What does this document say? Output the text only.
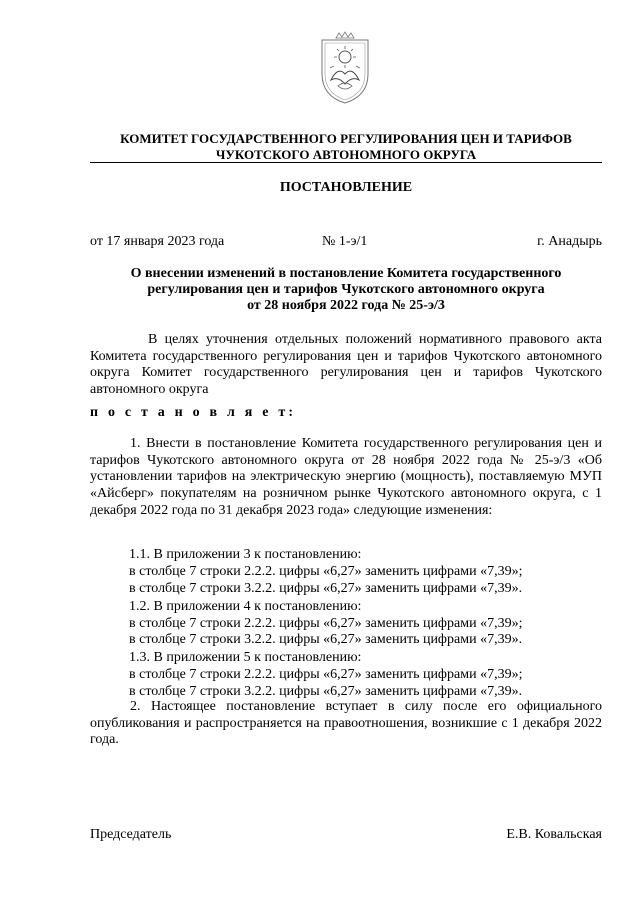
КОМИТЕТ ГОСУДАРСТВЕННОГО РЕГУЛИРОВАНИЯ ЦЕН И ТАРИФОВ
ЧУКОТСКОГО АВТОНОМНОГО ОКРУГА

ПОСТАНОВЛЕНИЕ

от 17 января 2023 года	№ 1-э/1	г. Анадырь

О внесении изменений в постановление Комитета государственного
регулирования цен и тарифов Чукотского автономного округа
от 28 ноября 2022 года № 25-э/3

В целях уточнения отдельных положений нормативного правового акта Комитета государственного регулирования цен и тарифов Чукотского автономного округа Комитет государственного регулирования цен и тарифов Чукотского автономного округа

п о с т а н о в л я е т:

1. Внести в постановление Комитета государственного регулирования цен и тарифов Чукотского автономного округа от 28 ноября 2022 года № 25-э/3 «Об установлении тарифов на электрическую энергию (мощность), поставляемую МУП «Айсберг» покупателям на розничном рынке Чукотского автономного округа, с 1 декабря 2022 года по 31 декабря 2023 года» следующие изменения:

1.1. В приложении 3 к постановлению:

в столбце 7 строки 2.2.2. цифры «6,27» заменить цифрами «7,39»;

в столбце 7 строки 3.2.2. цифры «6,27» заменить цифрами «7,39».

1.2. В приложении 4 к постановлению:

в столбце 7 строки 2.2.2. цифры «6,27» заменить цифрами «7,39»;

в столбце 7 строки 3.2.2. цифры «6,27» заменить цифрами «7,39».

1.3. В приложении 5 к постановлению:

в столбце 7 строки 2.2.2. цифры «6,27» заменить цифрами «7,39»;

в столбце 7 строки 3.2.2. цифры «6,27» заменить цифрами «7,39».

2. Настоящее постановление вступает в силу после его официального опубликования и распространяется на правоотношения, возникшие с 1 декабря 2022 года.

Председатель	Е.В. Ковальская
